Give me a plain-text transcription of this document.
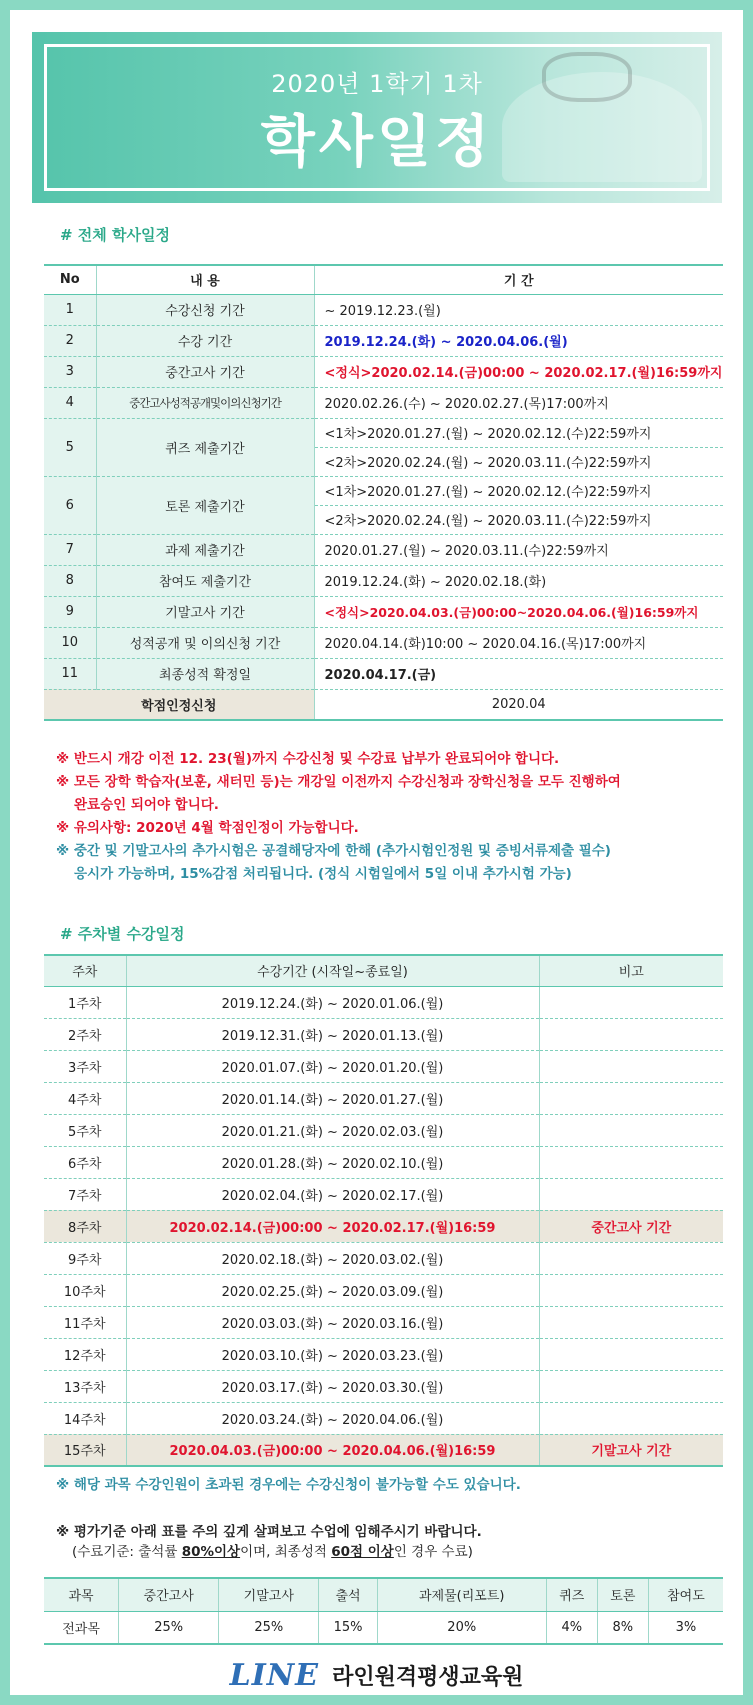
2020년 1학기 1차
학사일정
# 전체 학사일정
No	내 용	기 간
1	수강신청 기간	~ 2019.12.23.(월)
2	수강 기간	2019.12.24.(화) ~ 2020.04.06.(월)
3	중간고사 기간	<정식>2020.02.14.(금)00:00 ~ 2020.02.17.(월)16:59까지
4	중간고사성적공개및이의신청기간	2020.02.26.(수) ~ 2020.02.27.(목)17:00까지
5	퀴즈 제출기간	<1차>2020.01.27.(월) ~ 2020.02.12.(수)22:59까지
		<2차>2020.02.24.(월) ~ 2020.03.11.(수)22:59까지
6	토론 제출기간	<1차>2020.01.27.(월) ~ 2020.02.12.(수)22:59까지
		<2차>2020.02.24.(월) ~ 2020.03.11.(수)22:59까지
7	과제 제출기간	2020.01.27.(월) ~ 2020.03.11.(수)22:59까지
8	참여도 제출기간	2019.12.24.(화) ~ 2020.02.18.(화)
9	기말고사 기간	<정식>2020.04.03.(금)00:00~2020.04.06.(월)16:59까지
10	성적공개 및 이의신청 기간	2020.04.14.(화)10:00 ~ 2020.04.16.(목)17:00까지
11	최종성적 확정일	2020.04.17.(금)
학점인정신청		2020.04
※ 반드시 개강 이전 12. 23(월)까지 수강신청 및 수강료 납부가 완료되어야 합니다.
※ 모든 장학 학습자(보훈, 새터민 등)는 개강일 이전까지 수강신청과 장학신청을 모두 진행하여
완료승인 되어야 합니다.
※ 유의사항: 2020년 4월 학점인정이 가능합니다.
※ 중간 및 기말고사의 추가시험은 공결해당자에 한해 (추가시험인정원 및 증빙서류제출 필수)
응시가 가능하며, 15%감점 처리됩니다. (정식 시험일에서 5일 이내 추가시험 가능)
# 주차별 수강일정
주차	수강기간 (시작일~종료일)	비고
1주차	2019.12.24.(화) ~ 2020.01.06.(월)	
2주차	2019.12.31.(화) ~ 2020.01.13.(월)	
3주차	2020.01.07.(화) ~ 2020.01.20.(월)	
4주차	2020.01.14.(화) ~ 2020.01.27.(월)	
5주차	2020.01.21.(화) ~ 2020.02.03.(월)	
6주차	2020.01.28.(화) ~ 2020.02.10.(월)	
7주차	2020.02.04.(화) ~ 2020.02.17.(월)	
8주차	2020.02.14.(금)00:00 ~ 2020.02.17.(월)16:59	중간고사 기간
9주차	2020.02.18.(화) ~ 2020.03.02.(월)	
10주차	2020.02.25.(화) ~ 2020.03.09.(월)	
11주차	2020.03.03.(화) ~ 2020.03.16.(월)	
12주차	2020.03.10.(화) ~ 2020.03.23.(월)	
13주차	2020.03.17.(화) ~ 2020.03.30.(월)	
14주차	2020.03.24.(화) ~ 2020.04.06.(월)	
15주차	2020.04.03.(금)00:00 ~ 2020.04.06.(월)16:59	기말고사 기간
※ 해당 과목 수강인원이 초과된 경우에는 수강신청이 불가능할 수도 있습니다.
※ 평가기준 아래 표를 주의 깊게 살펴보고 수업에 임해주시기 바랍니다.
(수료기준: 출석률 80%이상이며, 최종성적 60점 이상인 경우 수료)
과목	중간고사	기말고사	출석	과제물(리포트)	퀴즈	토론	참여도
전과목	25%	25%	15%	20%	4%	8%	3%
LINE 라인원격평생교육원
